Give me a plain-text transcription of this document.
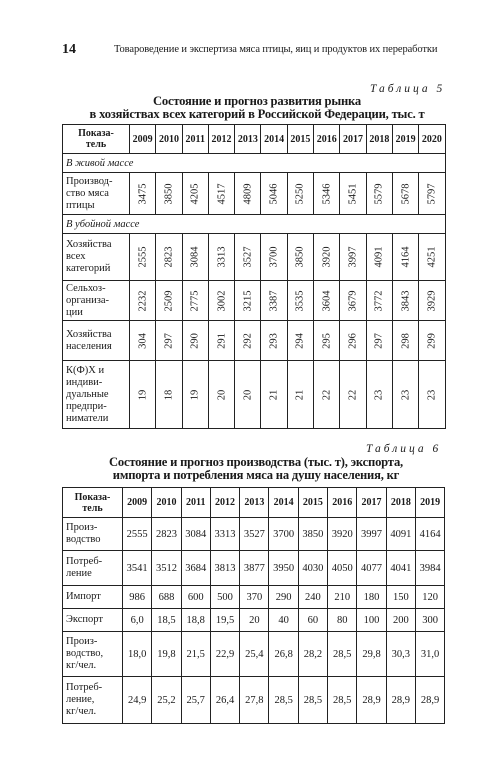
14	Товароведение и экспертиза мяса птицы, яиц и продуктов их переработки
Таблица 5
Состояние и прогноз развития рынка
в хозяйствах всех категорий в Российской Федерации, тыс. т
Показа-
тель	2009	2010	2011	2012	2013	2014	2015	2016	2017	2018	2019	2020
В живой массе												
Производ-
ство мяса
птицы	3475	3850	4205	4517	4809	5046	5250	5346	5451	5579	5678	5797

В убойной массе												
Хозяйства
всех
категорий	2555	2823	3084	3313	3527	3700	3850	3920	3997	4091	4164	4251

Сельхоз-
организа-
ции	2232	2509	2775	3002	3215	3387	3535	3604	3679	3772	3843	3929

Хозяйства
населения	304	297	290	291	292	293	294	295	296	297	298	299

К(Ф)Х и
индиви-
дуальные
предпри-
ниматели	19	18	19	20	20	21	21	22	22	23	23	23
Таблица 6
Состояние и прогноз производства (тыс. т), экспорта,
импорта и потребления мяса на душу населения, кг
Показа-
тель	2009	2010	2011	2012	2013	2014	2015	2016	2017	2018	2019
Произ-
водство	2555	2823	3084	3313	3527	3700	3850	3920	3997	4091	4164
Потреб-
ление	3541	3512	3684	3813	3877	3950	4030	4050	4077	4041	3984
Импорт	986	688	600	500	370	290	240	210	180	150	120
Экспорт	6,0	18,5	18,8	19,5	20	40	60	80	100	200	300
Произ-
водство,
кг/чел.	18,0	19,8	21,5	22,9	25,4	26,8	28,2	28,5	29,8	30,3	31,0
Потреб-
ление,
кг/чел.	24,9	25,2	25,7	26,4	27,8	28,5	28,5	28,5	28,9	28,9	28,9
